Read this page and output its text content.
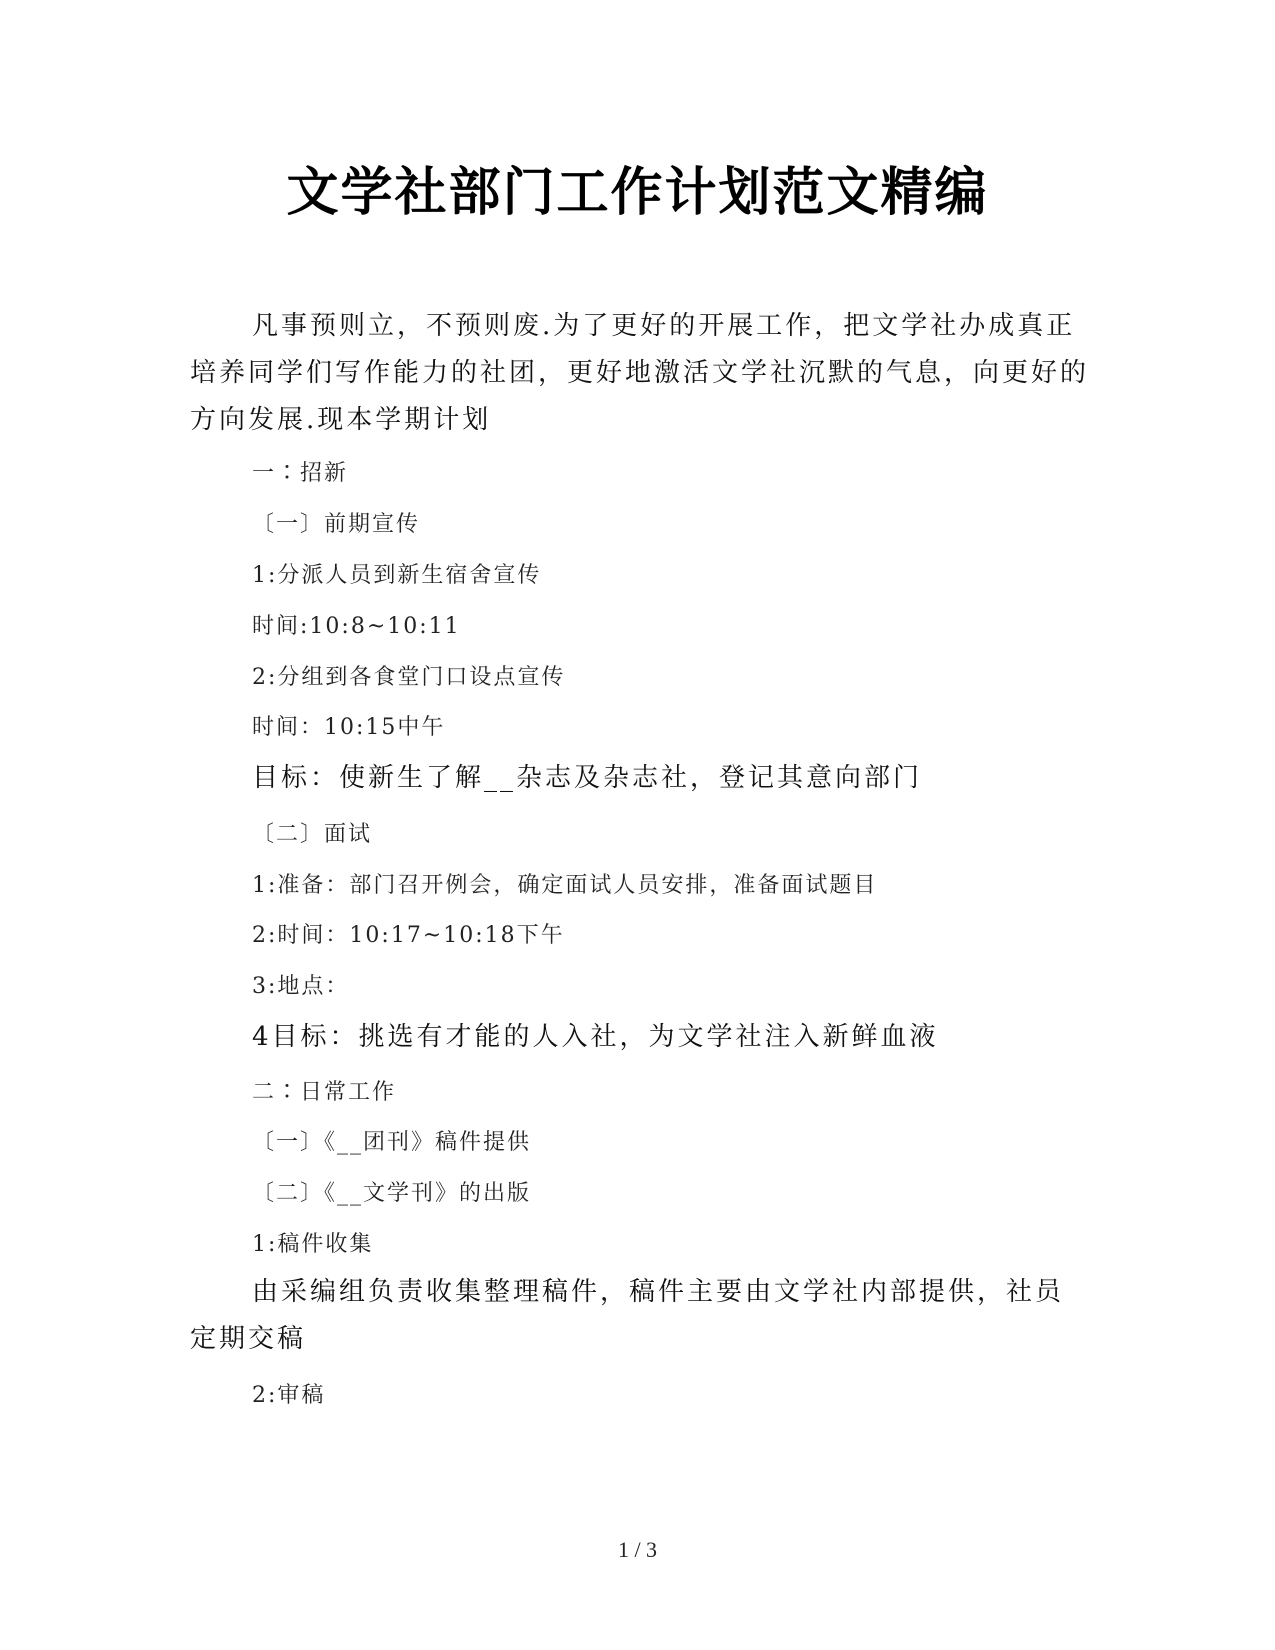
文学社部门工作计划范文精编
凡事预则立，不预则废.为了更好的开展工作，把文学社办成真正培养同学们写作能力的社团，更好地激活文学社沉默的气息，向更好的方向发展.现本学期计划
一∶招新
〔一〕前期宣传
1:分派人员到新生宿舍宣传
时间:10:8~10:11
2:分组到各食堂门口设点宣传
时间：10:15中午
目标：使新生了解__杂志及杂志社，登记其意向部门
〔二〕面试
1:准备：部门召开例会，确定面试人员安排，准备面试题目
2:时间：10:17~10:18下午
3:地点：
4目标：挑选有才能的人入社，为文学社注入新鲜血液
二∶日常工作
〔一〕《__团刊》稿件提供
〔二〕《__文学刊》的出版
1:稿件收集
由采编组负责收集整理稿件，稿件主要由文学社内部提供，社员定期交稿
2:审稿
1 / 3
